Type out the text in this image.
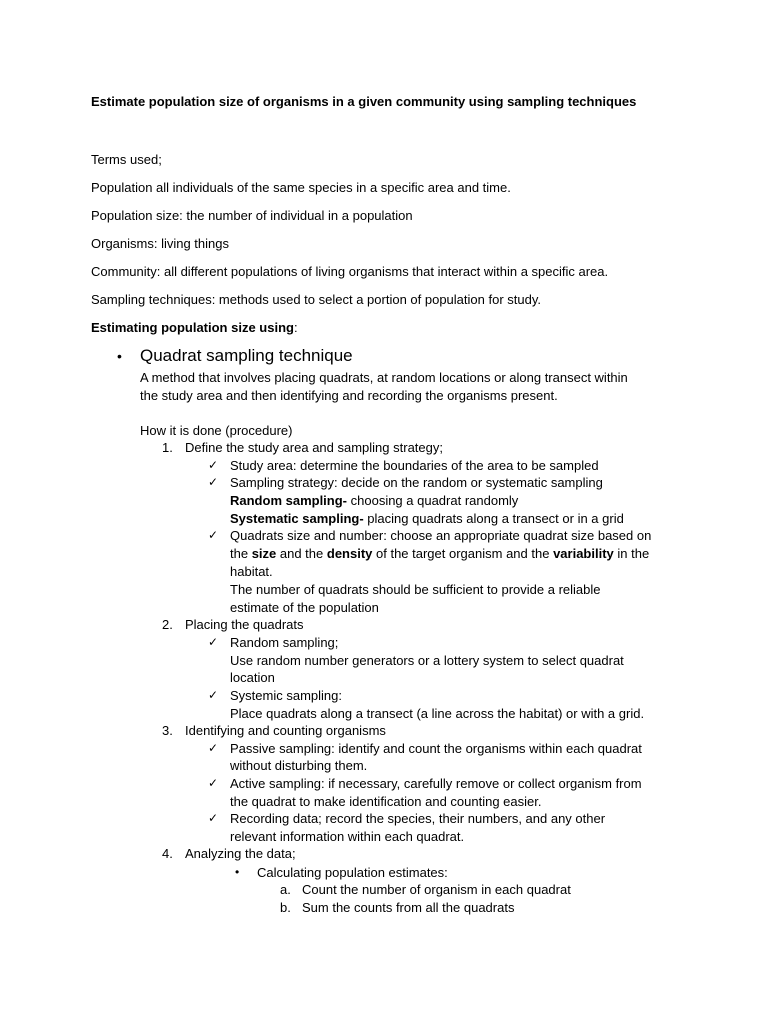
Estimate population size of organisms in a given community using sampling techniques
Terms used;
Population all individuals of the same species in a specific area and time.
Population size: the number of individual in a population
Organisms: living things
Community: all different populations of living organisms that interact within a specific area.
Sampling techniques: methods used to select a portion of population for study.
Estimating population size using:
• Quadrat sampling technique
A method that involves placing quadrats, at random locations or along transect within
the study area and then identifying and recording the organisms present.
How it is done (procedure)
1. Define the study area and sampling strategy;
✓ Study area: determine the boundaries of the area to be sampled
✓ Sampling strategy: decide on the random or systematic sampling
Random sampling- choosing a quadrat randomly
Systematic sampling- placing quadrats along a transect or in a grid
✓ Quadrats size and number: choose an appropriate quadrat size based on
the size and the density of the target organism and the variability in the
habitat.
The number of quadrats should be sufficient to provide a reliable
estimate of the population
2. Placing the quadrats
✓ Random sampling;
Use random number generators or a lottery system to select quadrat
location
✓ Systemic sampling:
Place quadrats along a transect (a line across the habitat) or with a grid.
3. Identifying and counting organisms
✓ Passive sampling: identify and count the organisms within each quadrat
without disturbing them.
✓ Active sampling: if necessary, carefully remove or collect organism from
the quadrat to make identification and counting easier.
✓ Recording data; record the species, their numbers, and any other
relevant information within each quadrat.
4. Analyzing the data;
• Calculating population estimates:
a. Count the number of organism in each quadrat
b. Sum the counts from all the quadrats
